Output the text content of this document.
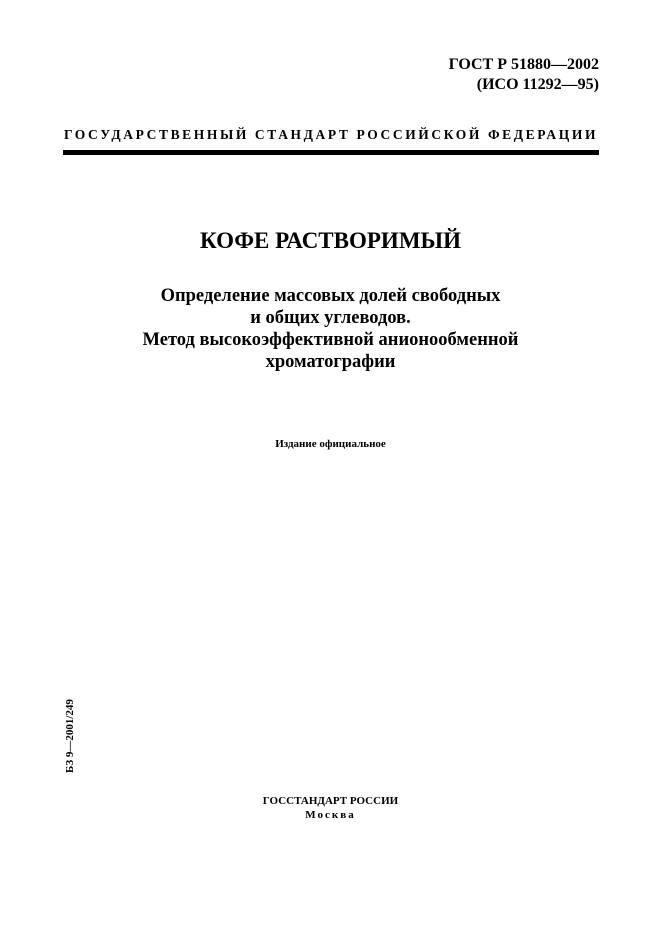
ГОСТ Р 51880—2002
(ИСО 11292—95)
ГОСУДАРСТВЕННЫЙ СТАНДАРТ РОССИЙСКОЙ ФЕДЕРАЦИИ
КОФЕ РАСТВОРИМЫЙ
Определение массовых долей свободных
и общих углеводов.
Метод высокоэффективной анионообменной
хроматографии
Издание официальное
БЗ 9—2001/249
ГОССТАНДАРТ РОССИИ
Москва
